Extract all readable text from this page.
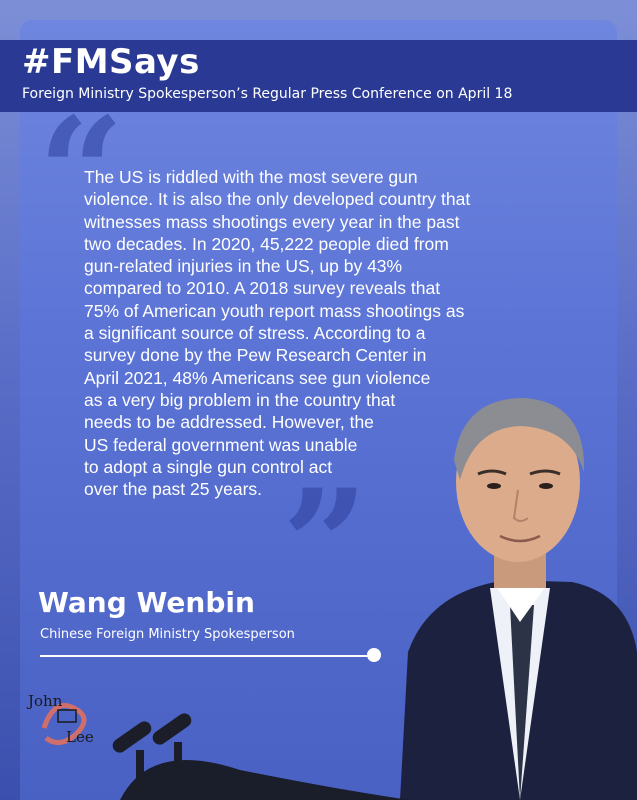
#FMSays

Foreign Ministry Spokesperson’s Regular Press Conference on April 18

“

The US is riddled with the most severe gun
violence. It is also the only developed country that
witnesses mass shootings every year in the past
two decades. In 2020, 45,222 people died from
gun-related injuries in the US, up by 43%
compared to 2010. A 2018 survey reveals that
75% of American youth report mass shootings as
a significant source of stress. According to a
survey done by the Pew Research Center in
April 2021, 48% Americans see gun violence
as a very big problem in the country that
needs to be addressed. However, the
US federal government was unable
to adopt a single gun control act
over the past 25 years. ”
Wang Wenbin

Chinese Foreign Ministry Spokesperson

John
Lee
